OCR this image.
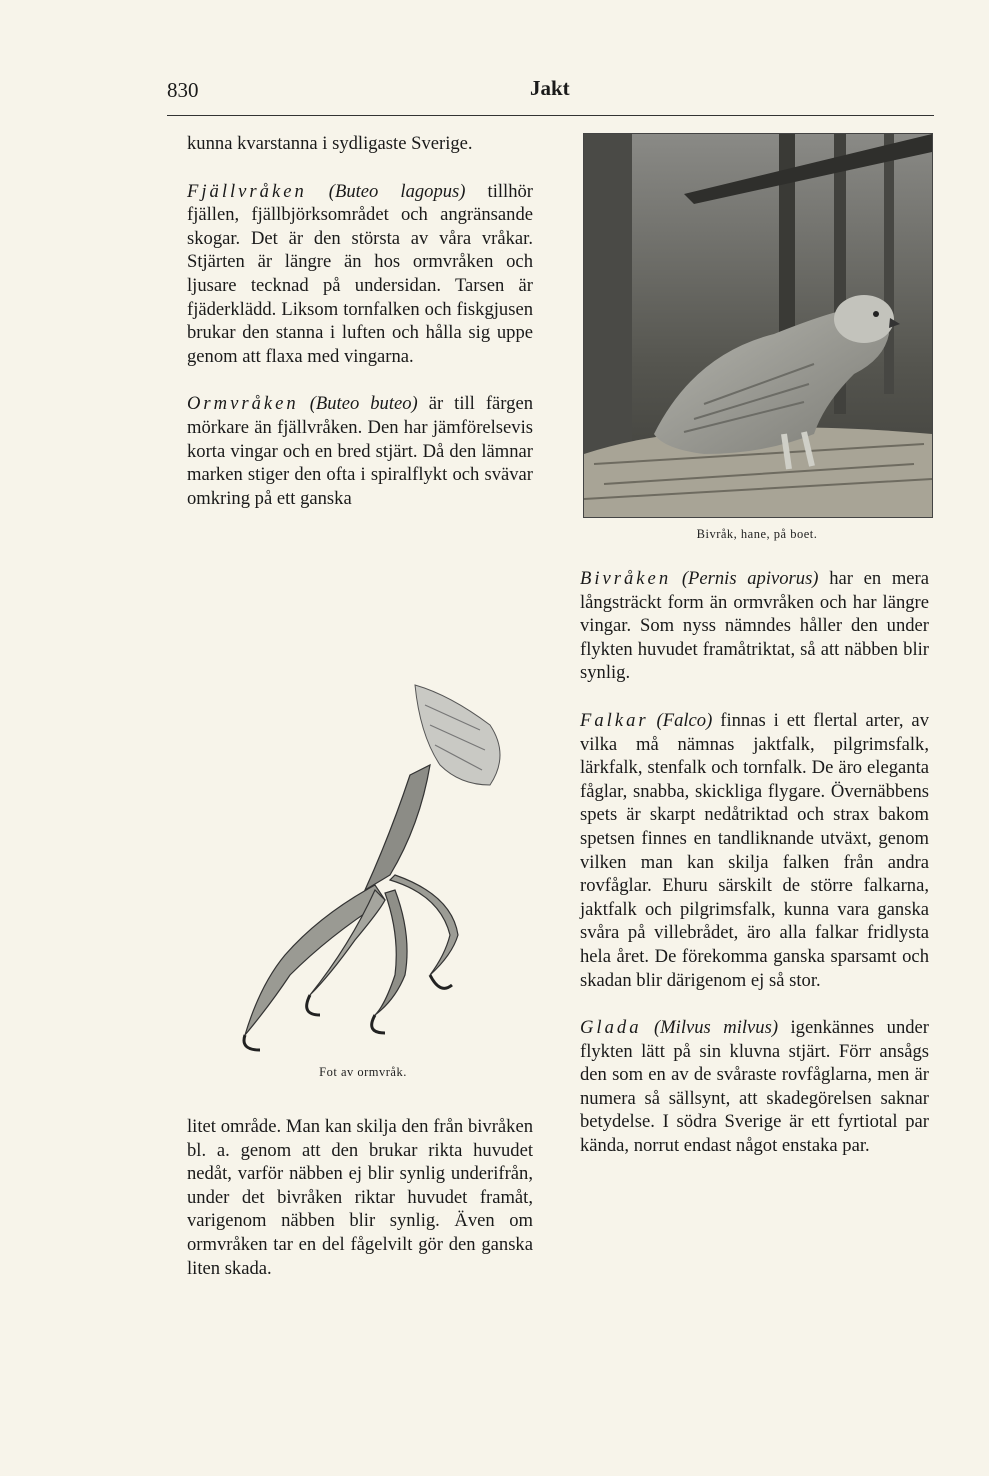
830	Jakt

kunna kvarstanna i sydligaste Sverige.

Fjällvråken (Buteo lagopus) tillhör fjällen, fjällbjörksområdet och angränsande skogar. Det är den största av våra vråkar. Stjärten är längre än hos ormvråken och ljusare tecknad på undersidan. Tarsen är fjäderklädd. Liksom tornfalken och fiskgjusen brukar den stanna i luften och hålla sig uppe genom att flaxa med vingarna.

Ormvråken (Buteo buteo) är till färgen mörkare än fjällvråken. Den har jämförelsevis korta vingar och en bred stjärt. Då den lämnar marken stiger den ofta i spiralflykt och svävar omkring på ett ganska

Bivråk, hane, på boet.
Fot av ormvråk.

litet område. Man kan skilja den från bivråken bl. a. genom att den brukar rikta huvudet nedåt, varför näbben ej blir synlig underifrån, under det bivråken riktar huvudet framåt, varigenom näbben blir synlig. Även om ormvråken tar en del fågelvilt gör den ganska liten skada.

Bivråken (Pernis apivorus) har en mera långsträckt form än ormvråken och har längre vingar. Som nyss nämndes håller den under flykten huvudet framåtriktat, så att näbben blir synlig.

Falkar (Falco) finnas i ett flertal arter, av vilka må nämnas jaktfalk, pilgrimsfalk, lärkfalk, stenfalk och tornfalk. De äro eleganta fåglar, snabba, skickliga flygare. Övernäbbens spets är skarpt nedåtriktad och strax bakom spetsen finnes en tandliknande utväxt, genom vilken man kan skilja falken från andra rovfåglar. Ehuru särskilt de större falkarna, jaktfalk och pilgrimsfalk, kunna vara ganska svåra på villebrådet, äro alla falkar fridlysta hela året. De förekomma ganska sparsamt och skadan blir därigenom ej så stor.

Glada (Milvus milvus) igenkännes under flykten lätt på sin kluvna stjärt. Förr ansågs den som en av de svåraste rovfåglarna, men är numera så sällsynt, att skadegörelsen saknar betydelse. I södra Sverige är ett fyrtiotal par kända, norrut endast något enstaka par.
